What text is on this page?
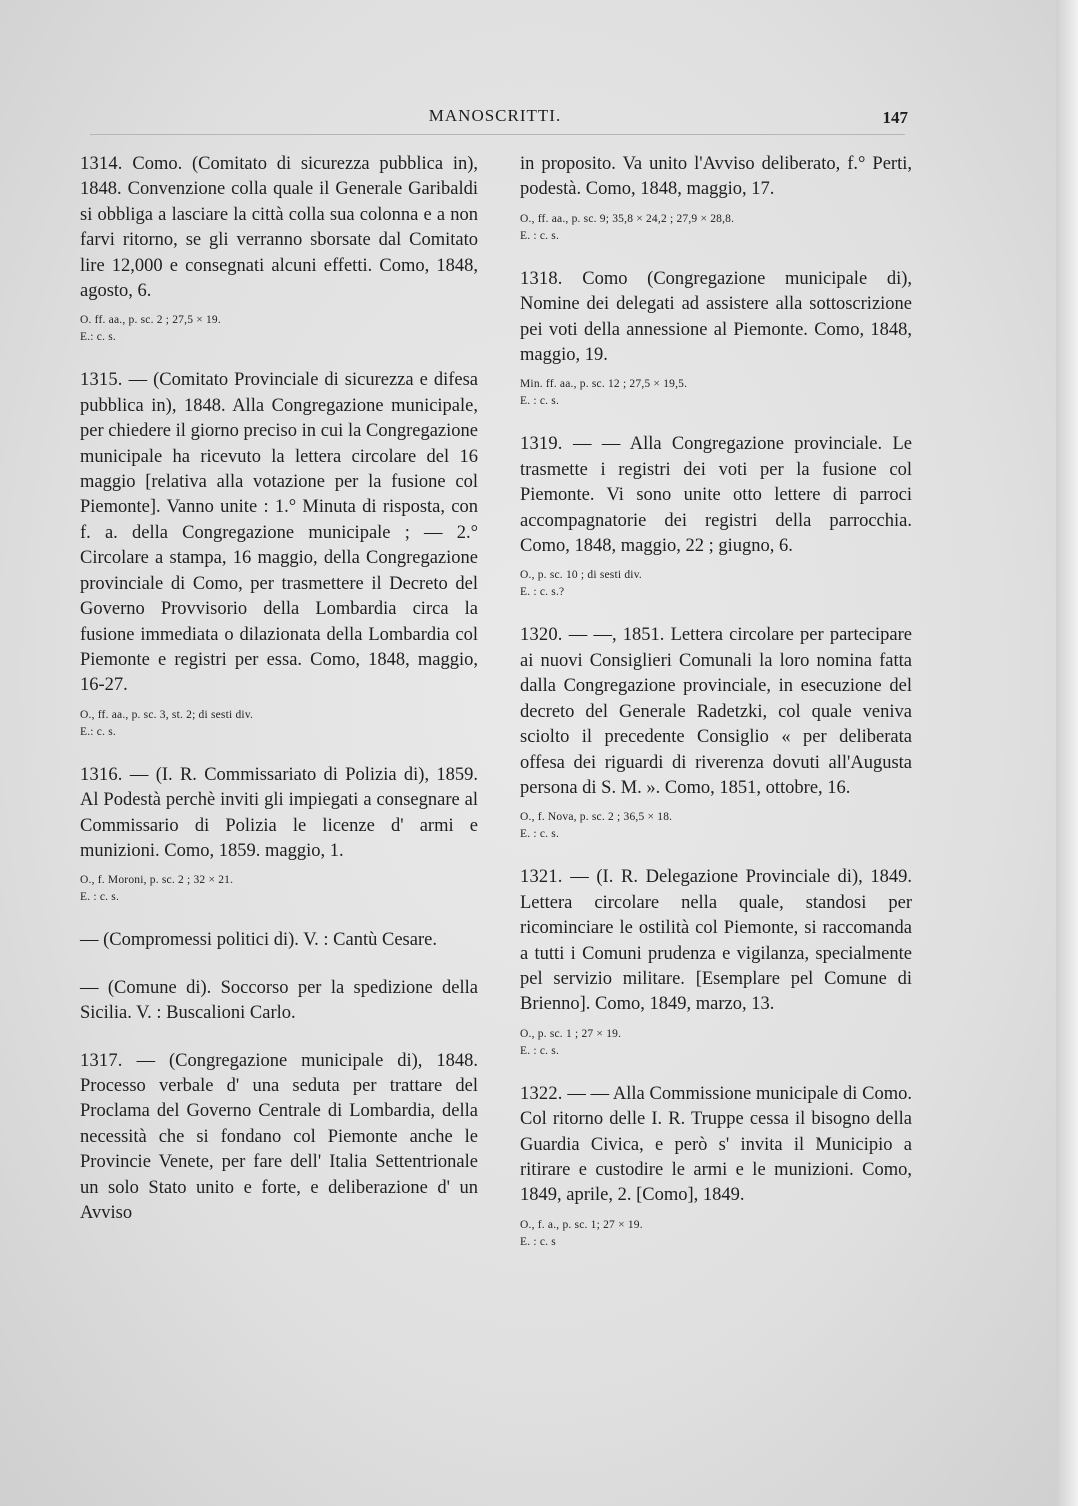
MANOSCRITTI.	147

1314. Como. (Comitato di sicurezza pubblica in), 1848. Convenzione colla quale il Generale Garibaldi si obbliga a lasciare la città colla sua colonna e a non farvi ritorno, se gli verranno sborsate dal Comitato lire 12,000 e consegnati alcuni effetti. Como, 1848, agosto, 6.

O. ff. aa., p. sc. 2 ; 27,5 × 19.

E.: c. s.

1315. — (Comitato Provinciale di sicurezza e difesa pubblica in), 1848. Alla Congregazione municipale, per chiedere il giorno preciso in cui la Congregazione municipale ha ricevuto la lettera circolare del 16 maggio [relativa alla votazione per la fusione col Piemonte]. Vanno unite : 1.° Minuta di risposta, con f. a. della Congregazione municipale ; — 2.° Circolare a stampa, 16 maggio, della Congregazione provinciale di Como, per trasmettere il Decreto del Governo Provvisorio della Lombardia circa la fusione immediata o dilazionata della Lombardia col Piemonte e registri per essa. Como, 1848, maggio, 16-27.

O., ff. aa., p. sc. 3, st. 2; di sesti div.

E.: c. s.

1316. — (I. R. Commissariato di Polizia di), 1859. Al Podestà perchè inviti gli impiegati a consegnare al Commissario di Polizia le licenze d' armi e munizioni. Como, 1859. maggio, 1.

O., f. Moroni, p. sc. 2 ; 32 × 21.

E. : c. s.

— (Compromessi politici di). V. : Cantù Cesare.

— (Comune di). Soccorso per la spedizione della Sicilia. V. : Buscalioni Carlo.

1317. — (Congregazione municipale di), 1848. Processo verbale d' una seduta per trattare del Proclama del Governo Centrale di Lombardia, della necessità che si fondano col Piemonte anche le Provincie Venete, per fare dell' Italia Settentrionale un solo Stato unito e forte, e deliberazione d' un Avviso

in proposito. Va unito l'Avviso deliberato, f.° Perti, podestà. Como, 1848, maggio, 17.

O., ff. aa., p. sc. 9; 35,8 × 24,2 ; 27,9 × 28,8.

E. : c. s.

1318. Como (Congregazione municipale di), Nomine dei delegati ad assistere alla sottoscrizione pei voti della annessione al Piemonte. Como, 1848, maggio, 19.

Min. ff. aa., p. sc. 12 ; 27,5 × 19,5.

E. : c. s.

1319. — — Alla Congregazione provinciale. Le trasmette i registri dei voti per la fusione col Piemonte. Vi sono unite otto lettere di parroci accompagnatorie dei registri della parrocchia. Como, 1848, maggio, 22 ; giugno, 6.

O., p. sc. 10 ; di sesti div.

E. : c. s.?

1320. — —, 1851. Lettera circolare per partecipare ai nuovi Consiglieri Comunali la loro nomina fatta dalla Congregazione provinciale, in esecuzione del decreto del Generale Radetzki, col quale veniva sciolto il precedente Consiglio « per deliberata offesa dei riguardi di riverenza dovuti all'Augusta persona di S. M. ». Como, 1851, ottobre, 16.

O., f. Nova, p. sc. 2 ; 36,5 × 18.

E. : c. s.

1321. — (I. R. Delegazione Provinciale di), 1849. Lettera circolare nella quale, standosi per ricominciare le ostilità col Piemonte, si raccomanda a tutti i Comuni prudenza e vigilanza, specialmente pel servizio militare. [Esemplare pel Comune di Brienno]. Como, 1849, marzo, 13.

O., p. sc. 1 ; 27 × 19.

E. : c. s.

1322. — — Alla Commissione municipale di Como. Col ritorno delle I. R. Truppe cessa il bisogno della Guardia Civica, e però s' invita il Municipio a ritirare e custodire le armi e le munizioni. Como, 1849, aprile, 2. [Como], 1849.

O., f. a., p. sc. 1; 27 × 19.

E. : c. s
